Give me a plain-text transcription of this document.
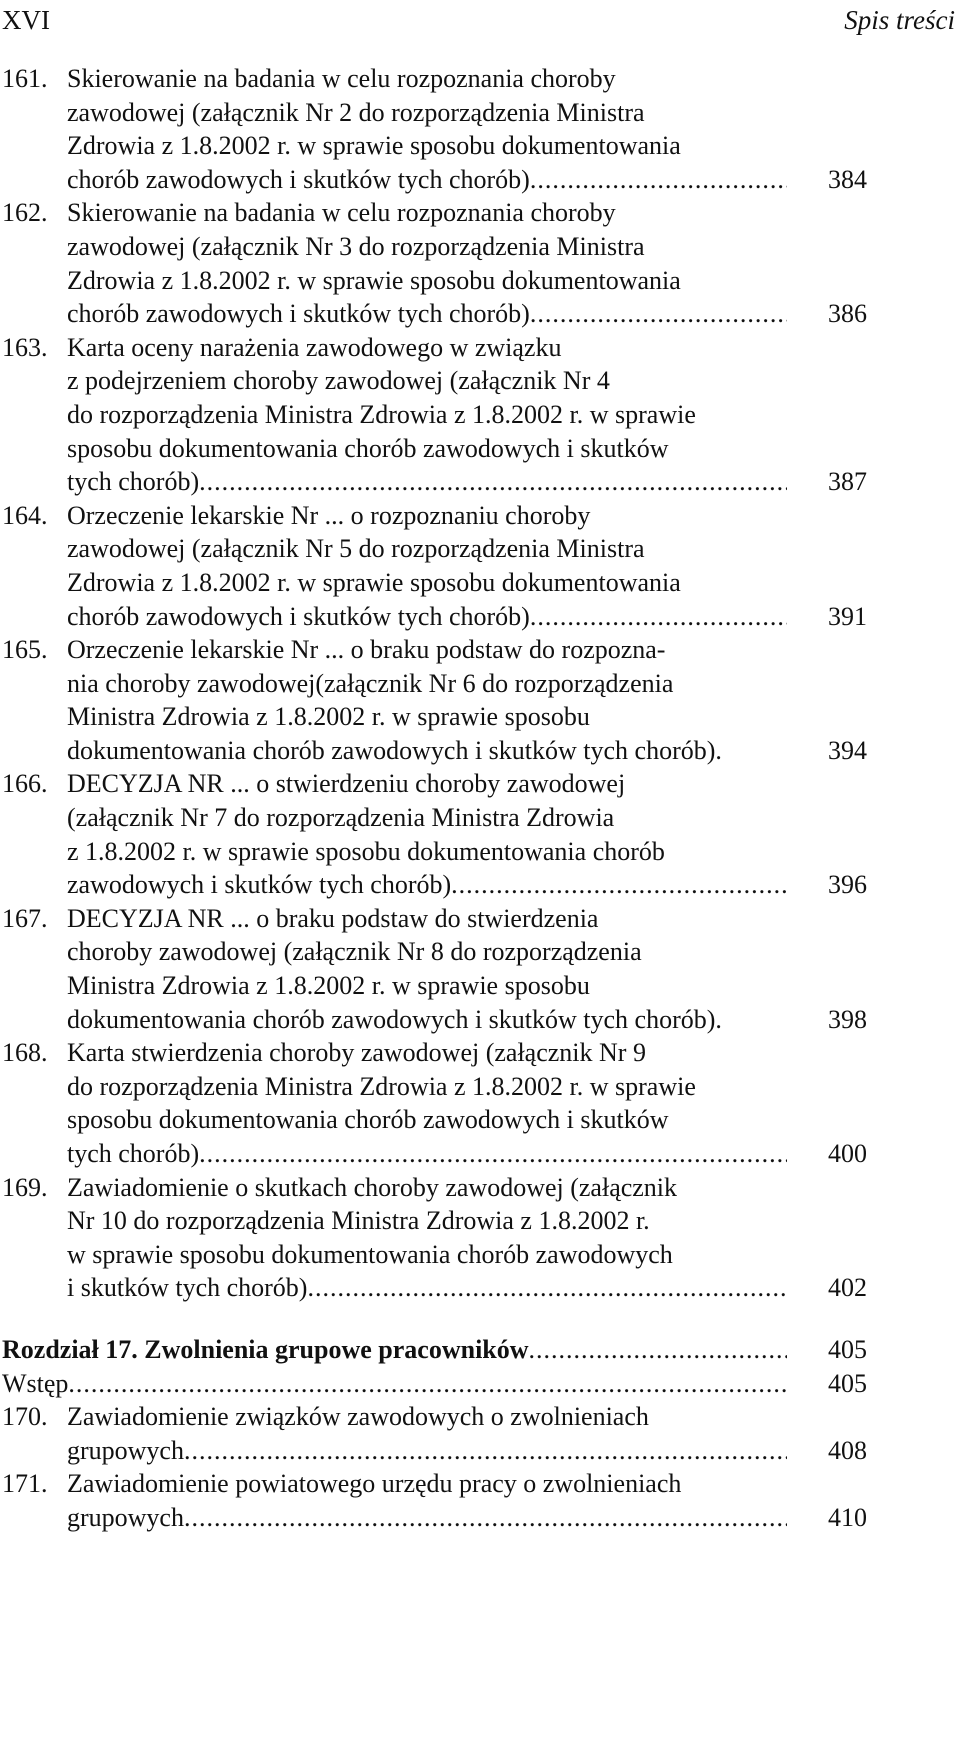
XVI	Spis treści
161. Skierowanie na badania w celu rozpoznania choroby
zawodowej (załącznik Nr 2 do rozporządzenia Ministra
Zdrowia z 1.8.2002 r. w sprawie sposobu dokumentowania
chorób zawodowych i skutków tych chorób) .....	384
162. Skierowanie na badania w celu rozpoznania choroby
zawodowej (załącznik Nr 3 do rozporządzenia Ministra
Zdrowia z 1.8.2002 r. w sprawie sposobu dokumentowania
chorób zawodowych i skutków tych chorób) .....	386
163. Karta oceny narażenia zawodowego w związku
z podejrzeniem choroby zawodowej (załącznik Nr 4
do rozporządzenia Ministra Zdrowia z 1.8.2002 r. w sprawie
sposobu dokumentowania chorób zawodowych i skutków
tych chorób) .....	387
164. Orzeczenie lekarskie Nr ... o rozpoznaniu choroby
zawodowej (załącznik Nr 5 do rozporządzenia Ministra
Zdrowia z 1.8.2002 r. w sprawie sposobu dokumentowania
chorób zawodowych i skutków tych chorób) .....	391
165. Orzeczenie lekarskie Nr ... o braku podstaw do rozpozna-
nia choroby zawodowej(załącznik Nr 6 do rozporządzenia
Ministra Zdrowia z 1.8.2002 r. w sprawie sposobu
dokumentowania chorób zawodowych i skutków tych chorób).	394
166. DECYZJA NR ... o stwierdzeniu choroby zawodowej
(załącznik Nr 7 do rozporządzenia Ministra Zdrowia
z 1.8.2002 r. w sprawie sposobu dokumentowania chorób
zawodowych i skutków tych chorób) .....	396
167. DECYZJA NR ... o braku podstaw do stwierdzenia
choroby zawodowej (załącznik Nr 8 do rozporządzenia
Ministra Zdrowia z 1.8.2002 r. w sprawie sposobu
dokumentowania chorób zawodowych i skutków tych chorób).	398
168. Karta stwierdzenia choroby zawodowej (załącznik Nr 9
do rozporządzenia Ministra Zdrowia z 1.8.2002 r. w sprawie
sposobu dokumentowania chorób zawodowych i skutków
tych chorób) .....	400
169. Zawiadomienie o skutkach choroby zawodowej (załącznik
Nr 10 do rozporządzenia Ministra Zdrowia z 1.8.2002 r.
w sprawie sposobu dokumentowania chorób zawodowych
i skutków tych chorób) .....	402
Rozdział 17. Zwolnienia grupowe pracowników .....	405
Wstęp .....	405
170. Zawiadomienie związków zawodowych o zwolnieniach
grupowych .....	408
171. Zawiadomienie powiatowego urzędu pracy o zwolnieniach
grupowych .....	410
